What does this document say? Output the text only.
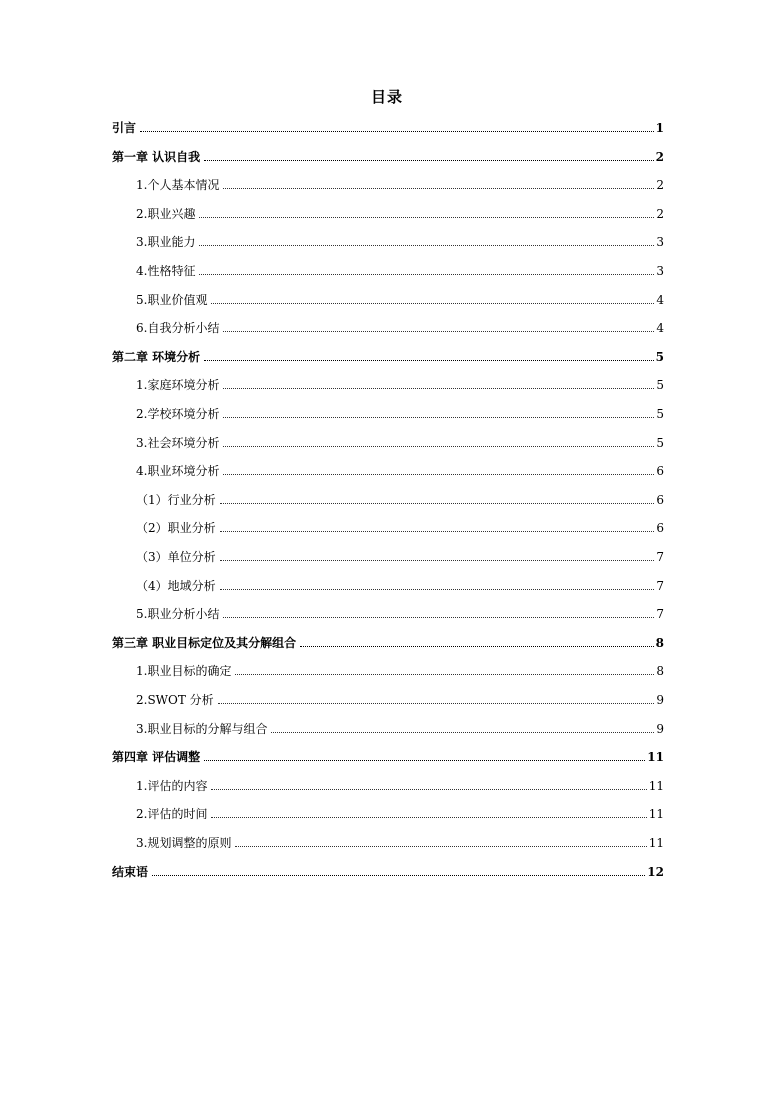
目录
引言	1
第一章 认识自我	2
1.个人基本情况	2
2.职业兴趣	2
3.职业能力	3
4.性格特征	3
5.职业价值观	4
6.自我分析小结	4
第二章 环境分析	5
1.家庭环境分析	5
2.学校环境分析	5
3.社会环境分析	5
4.职业环境分析	6
（1）行业分析	6
（2）职业分析	6
（3）单位分析	7
（4）地域分析	7
5.职业分析小结	7
第三章 职业目标定位及其分解组合	8
1.职业目标的确定	8
2.SWOT 分析	9
3.职业目标的分解与组合	9
第四章 评估调整	11
1.评估的内容	11
2.评估的时间	11
3.规划调整的原则	11
结束语	12
